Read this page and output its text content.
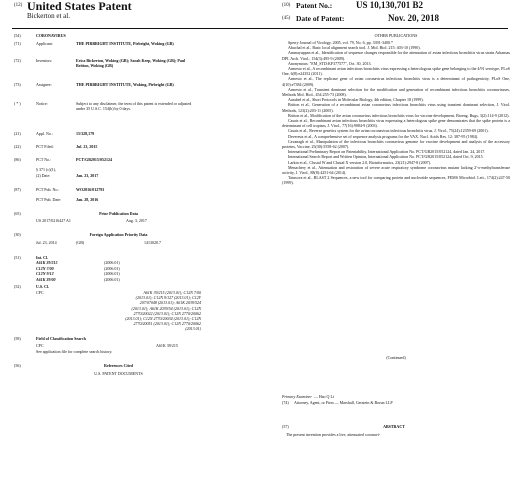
(12) United States Patent
Bickerton et al.
(10) Patent No.:	US 10,130,701 B2
(45) Date of Patent:	Nov. 20, 2018
(54)	CORONAVIRUS
(71)	Applicant:	THE PIRBRIGHT INSTITUTE, Pirbright, Woking (GB)
(72)	Inventors:	Erica Bickerton, Woking (GB); Sarah Keep, Woking (GB); Paul Britton, Woking (GB)
(73)	Assignee:	THE PIRBRIGHT INSTITUTE, Woking, Pirbright (GB)
( * )	Notice:	Subject to any disclaimer, the term of this patent is extended or adjusted under 35 U.S.C. 154(b) by 0 days.
(21)	Appl. No.:	15/328,179
(22)	PCT Filed:	Jul. 23, 2015
(86)	PCT No.:	PCT/GB2015/052124
§ 371 (c)(1),
(2) Date:	Jan. 23, 2017
(87)	PCT Pub. No.:	WO2016/012793
PCT Pub. Date:	Jan. 28, 2016
(65)	Prior Publication Data
US 2017/0216427 A1	Aug. 3, 2017
(30)	Foreign Application Priority Data
Jul. 23, 2014	(GB)	1413020.7
(51)	Int. Cl.
A61K 39/215	(2006.01)
C12N 7/00	(2006.01)
C12N 9/12	(2006.01)
A61K 39/00	(2006.01)
(52)	U.S. Cl.
CPC	A61K 39/215 (2013.01); C12N 7/00
(2013.01); C12N 9/127 (2013.01); C12Y
207/07048 (2013.01); A61K 2039/524
(2013.01); A61K 2039/54 (2013.01); C12N
2770/20022 (2013.01); C12N 2770/20062
(2013.01); C12N 2770/20034 (2013.01); C12N
2770/20051 (2013.01); C12N 2770/20062
(2013.01)
(58)	Field of Classification Search
CPC	A61K 39/215
See application file for complete search history.
(56)	References Cited
U.S. PATENT DOCUMENTS
OTHER PUBLICATIONS
Sperry Journal of Virology, 2005, vol. 79, No. 6, pp. 3391-3400.*
Abuchal et al., Basic local alignment search tool. J. Mol. Biol. 215: 403-10 (1990).
Ammayappan et al., Identification of sequence changes responsible for the attenuation of avian infectious bronchitis virus strain Arkansas DPI, Arch. Virol., 154(3):495-9 (2009).
Anonymous: "EM_STD:KF377577", Oct. 30, 2013.
Armesto et al., A recombinant avian infectious bronchitis virus expressing a heterologous spike gene belonging to the 4/91 serotype, PLoS One, 6(8):e24352 (2011).
Armesto et al., The replicase gene of avian coronavirus infectious bronchitis virus is a determinant of pathogenicity, PLoS One, 4(10):e7384 (2009).
Armesto et al., Transient dominant selection for the modification and generation of recombinant infectious bronchitis coronaviruses, Methods Mol. Biol., 454:255-73 (2008).
Ausubel et al., Short Protocols in Molecular Biology, 4th edition, Chapter 18 (1999).
Britton et al., Generation of a recombinant avian coronavirus infectious bronchitis virus using transient dominant selection, J. Virol. Methods, 123(2):203-11 (2005).
Britton et al., Modification of the avian coronavirus infectious bronchitis virus for vaccine development, Bioeng. Bugs, 3(2):114-9 (2012).
Casais et al., Recombinant avian infectious bronchitis virus expressing a heterologous spike gene demonstrates that the spike protein is a determinant of cell tropism, J. Virol., 77(16):9084-9 (2003).
Casais et al., Reverse genetics system for the avian coronavirus infectious bronchitis virus, J. Virol., 75(24):12359-69 (2001).
Devereux et al., A comprehensive set of sequence analysis programs for the VAX. Nucl. Acids Res. 12: 387-95 (1984).
Cavanagh et al., Manipulation of the infectious bronchitis coronavirus genome for vaccine development and analysis of the accessory proteins, Vaccine, 25(30):5558-62 (2007).
International Preliminary Report on Patentability, International Application No. PCT/GB2015/052124, dated Jan. 24, 2017.
International Search Report and Written Opinion, International Application No. PCT/GB2015/052124, dated Oct. 9, 2015.
Larkin et al., Clustal W and Clustal X version 2.0, Bioinformatics, 23(21):2947-8 (2007).
Menachery et al., Attenuation and restoration of severe acute respiratory syndrome coronavirus mutant lacking 2'-o-methyltransferase activity, J. Virol., 88(8):4251-64 (2014).
Tatusova et al., BLAST 2 Sequences, a new tool for comparing protein and nucleotide sequences, FEMS Microbiol. Lett., 174(2):247-50 (1999).
(Continued)
Primary Examiner — Hao Q Li
(74)	Attorney, Agent, or Firm — Marshall, Gerstein & Borun LLP
(57)	ABSTRACT
The present invention provides a live, attenuated coronavi-
